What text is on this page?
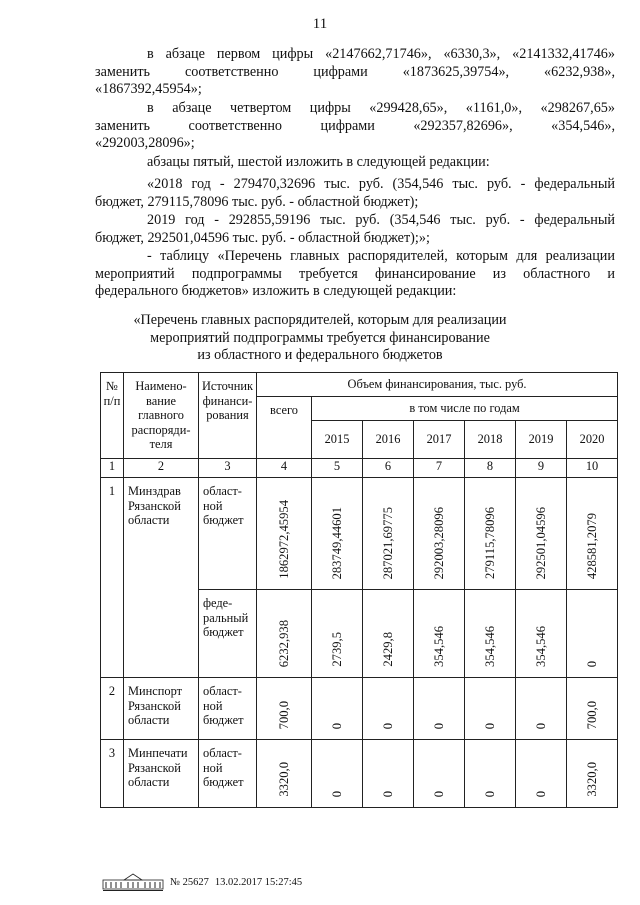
11

в абзаце первом цифры «2147662,71746», «6330,3», «2141332,41746»

заменить соответственно цифрами «1873625,39754», «6232,938»,

«1867392,45954»;

в абзаце четвертом цифры «299428,65», «1161,0», «298267,65»

заменить соответственно цифрами «292357,82696», «354,546»,

«292003,28096»;

абзацы пятый, шестой изложить в следующей редакции:

«2018 год - 279470,32696 тыс. руб. (354,546 тыс. руб. - федеральный

бюджет, 279115,78096 тыс. руб. - областной бюджет);

2019 год - 292855,59196 тыс. руб. (354,546 тыс. руб. - федеральный

бюджет, 292501,04596 тыс. руб. - областной бюджет);»;

- таблицу «Перечень главных распорядителей, которым для реализации

мероприятий подпрограммы требуется финансирование из областного и

федерального бюджетов» изложить в следующей редакции:

«Перечень главных распорядителей, которым для реализации
мероприятий подпрограммы требуется финансирование
из областного и федерального бюджетов
№ п/п	Наимено-вание главного распоряди-теля	Источник финанси-рования	Объем финансирования, тыс. руб.						
			всего	в том числе по годам					
				2015	2016	2017	2018	2019	2020
1	2	3	4	5	6	7	8	9	10
1	Минздрав Рязанской области	област-ной бюджет	1862972,45954	283749,44601	287021,69775	292003,28096	279115,78096	292501,04596	428581,2079
		феде-ральный бюджет	6232,938	2739,5	2429,8	354,546	354,546	354,546	0
2	Минспорт Рязанской области	област-ной бюджет	700,0	0	0	0	0	0	700,0
3	Минпечати Рязанской области	област-ной бюджет	3320,0	0	0	0	0	0	3320,0
№ 25627 13.02.2017 15:27:45
